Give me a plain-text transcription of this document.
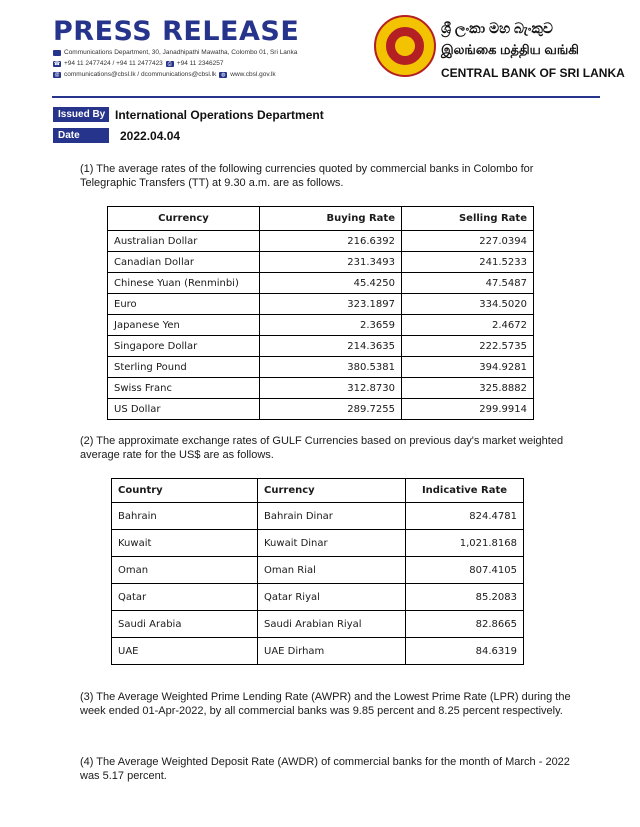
PRESS RELEASE
Communications Department, 30, Janadhipathi Mawatha, Colombo 01, Sri Lanka
☎ +94 11 2477424 / +94 11 2477423 ⎙ +94 11 2346257
@ communications@cbsl.lk / dcommunications@cbsl.lk ◍ www.cbsl.gov.lk
ශ්‍රී ලංකා මහ බැංකුව
இலங்கை மத்திய வங்கி
CENTRAL BANK OF SRI LANKA
Issued By International Operations Department
Date	2022.04.04
(1) The average rates of the following currencies quoted by commercial banks in Colombo for Telegraphic Transfers (TT) at 9.30 a.m. are as follows.
Currency	Buying Rate	Selling Rate
Australian Dollar	216.6392	227.0394
Canadian Dollar	231.3493	241.5233
Chinese Yuan (Renminbi)	45.4250	47.5487
Euro	323.1897	334.5020
Japanese Yen	2.3659	2.4672
Singapore Dollar	214.3635	222.5735
Sterling Pound	380.5381	394.9281
Swiss Franc	312.8730	325.8882
US Dollar	289.7255	299.9914
(2) The approximate exchange rates of GULF Currencies based on previous day's market weighted average rate for the US$ are as follows.
Country	Currency	Indicative Rate
Bahrain	Bahrain Dinar	824.4781
Kuwait	Kuwait Dinar	1,021.8168
Oman	Oman Rial	807.4105
Qatar	Qatar Riyal	85.2083
Saudi Arabia	Saudi Arabian Riyal	82.8665
UAE	UAE Dirham	84.6319
(3) The Average Weighted Prime Lending Rate (AWPR) and the Lowest Prime Rate (LPR) during the week ended 01-Apr-2022, by all commercial banks was 9.85 percent and 8.25 percent respectively.
(4) The Average Weighted Deposit Rate (AWDR) of commercial banks for the month of March - 2022 was 5.17 percent.
